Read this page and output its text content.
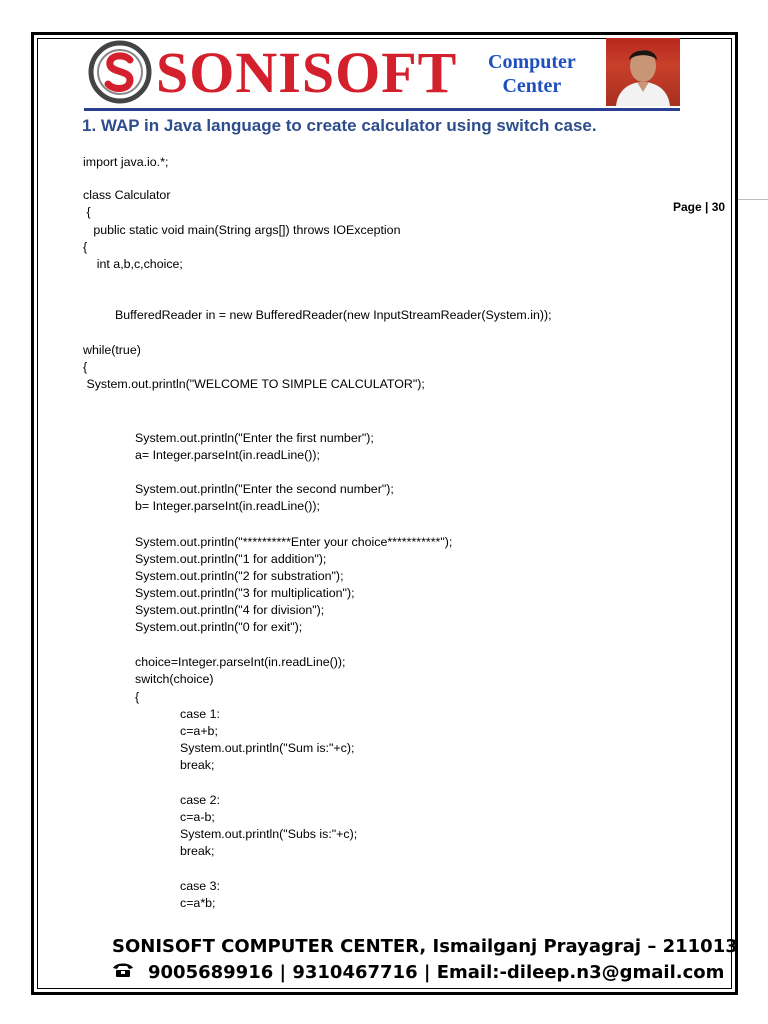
SONISOFT Computer
Center
1. WAP in Java language to create calculator using switch case.
Page | 30

import java.io.*;

class Calculator

{

public static void main(String args[]) throws IOException

{

int a,b,c,choice;

BufferedReader in = new BufferedReader(new InputStreamReader(System.in));

while(true)

{

System.out.println("WELCOME TO SIMPLE CALCULATOR");

System.out.println("Enter the first number");

a= Integer.parseInt(in.readLine());

System.out.println("Enter the second number");

b= Integer.parseInt(in.readLine());

System.out.println("**********Enter your choice***********");

System.out.println("1 for addition");

System.out.println("2 for substration");

System.out.println("3 for multiplication");

System.out.println("4 for division");

System.out.println("0 for exit");

choice=Integer.parseInt(in.readLine());

switch(choice)

{

case 1:

c=a+b;

System.out.println("Sum is:"+c);

break;

case 2:

c=a-b;

System.out.println("Subs is:"+c);

break;

case 3:

c=a*b;

SONISOFT COMPUTER CENTER, Ismailganj Prayagraj – 211013
9005689916 | 9310467716 | Email:-dileep.n3@gmail.com
